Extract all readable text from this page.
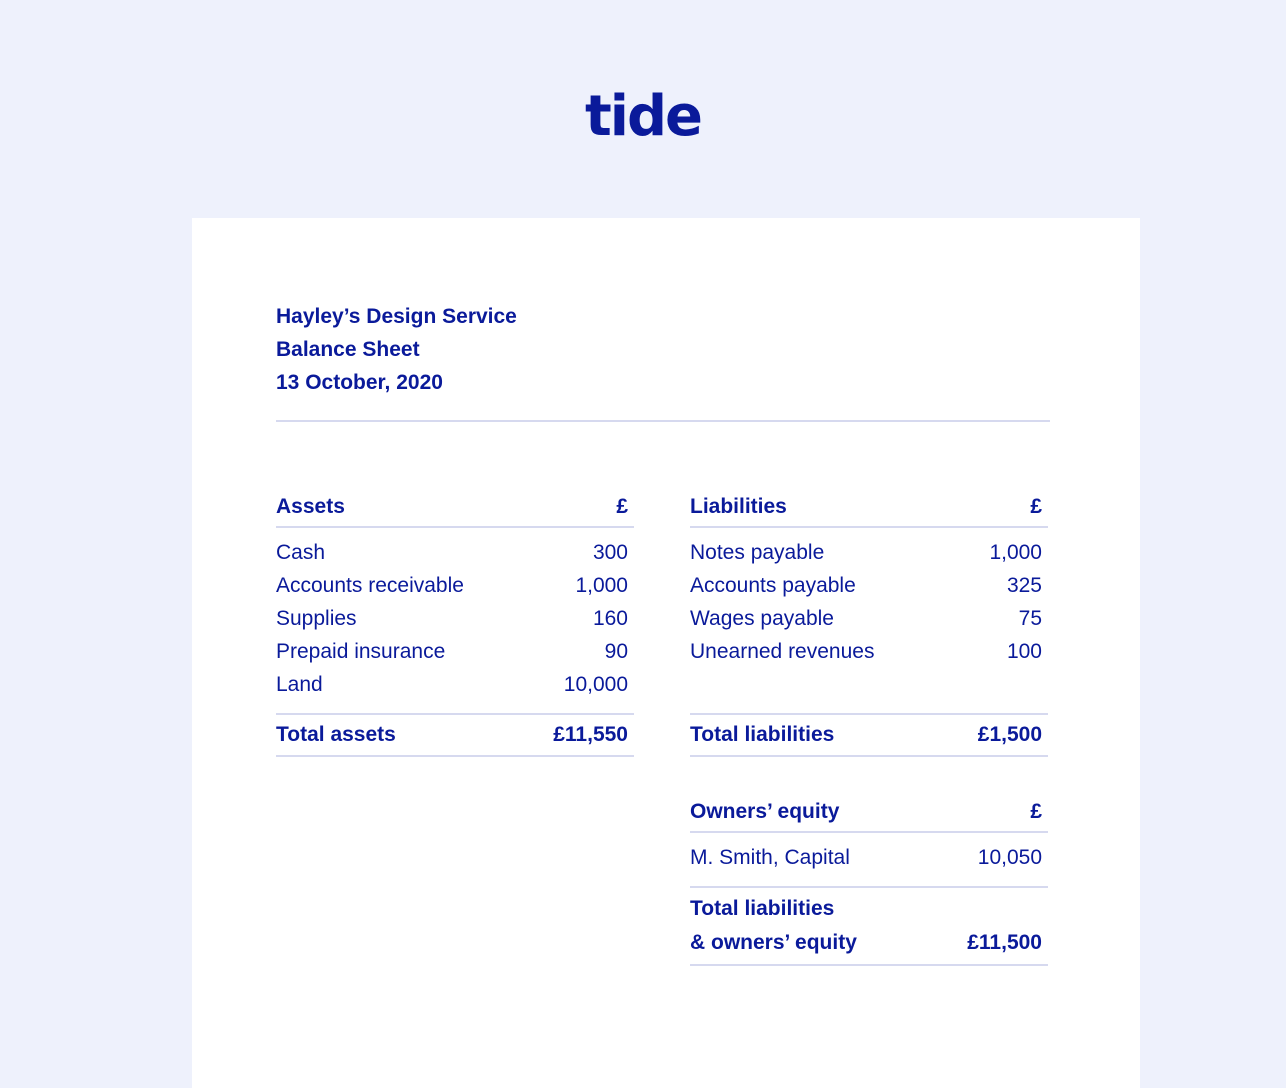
tide
Hayley’s Design Service
Balance Sheet
13 October, 2020
Assets	£
Cash	300
Accounts receivable	1,000
Supplies	160
Prepaid insurance	90
Land	10,000
Total assets	£11,550
Liabilities	£
Notes payable	1,000
Accounts payable	325
Wages payable	75
Unearned revenues	100
Total liabilities	£1,500
Owners’ equity	£
M. Smith, Capital	10,050
Total liabilities
& owners’ equity	£11,500
